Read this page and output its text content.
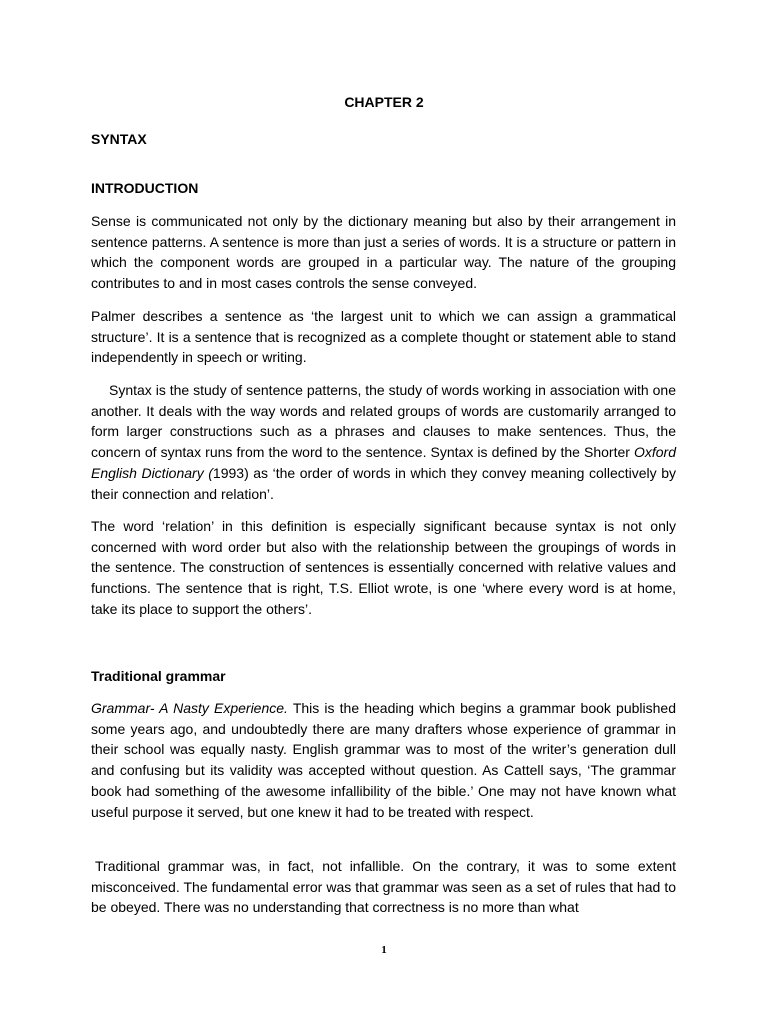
CHAPTER 2
SYNTAX
INTRODUCTION

Sense is communicated not only by the dictionary meaning but also by their arrangement in sentence patterns. A sentence is more than just a series of words. It is a structure or pattern in which the component words are grouped in a particular way. The nature of the grouping contributes to and in most cases controls the sense conveyed.

Palmer describes a sentence as ‘the largest unit to which we can assign a grammatical structure’. It is a sentence that is recognized as a complete thought or statement able to stand independently in speech or writing.

Syntax is the study of sentence patterns, the study of words working in association with one another. It deals with the way words and related groups of words are customarily arranged to form larger constructions such as a phrases and clauses to make sentences. Thus, the concern of syntax runs from the word to the sentence. Syntax is defined by the Shorter Oxford English Dictionary (1993) as ‘the order of words in which they convey meaning collectively by their connection and relation’.

The word ‘relation’ in this definition is especially significant because syntax is not only concerned with word order but also with the relationship between the groupings of words in the sentence. The construction of sentences is essentially concerned with relative values and functions. The sentence that is right, T.S. Elliot wrote, is one ‘where every word is at home, take its place to support the others’.

Traditional grammar

Grammar- A Nasty Experience. This is the heading which begins a grammar book published some years ago, and undoubtedly there are many drafters whose experience of grammar in their school was equally nasty. English grammar was to most of the writer’s generation dull and confusing but its validity was accepted without question. As Cattell says, ‘The grammar book had something of the awesome infallibility of the bible.’ One may not have known what useful purpose it served, but one knew it had to be treated with respect.

Traditional grammar was, in fact, not infallible. On the contrary, it was to some extent misconceived. The fundamental error was that grammar was seen as a set of rules that had to be obeyed. There was no understanding that correctness is no more than what

1
